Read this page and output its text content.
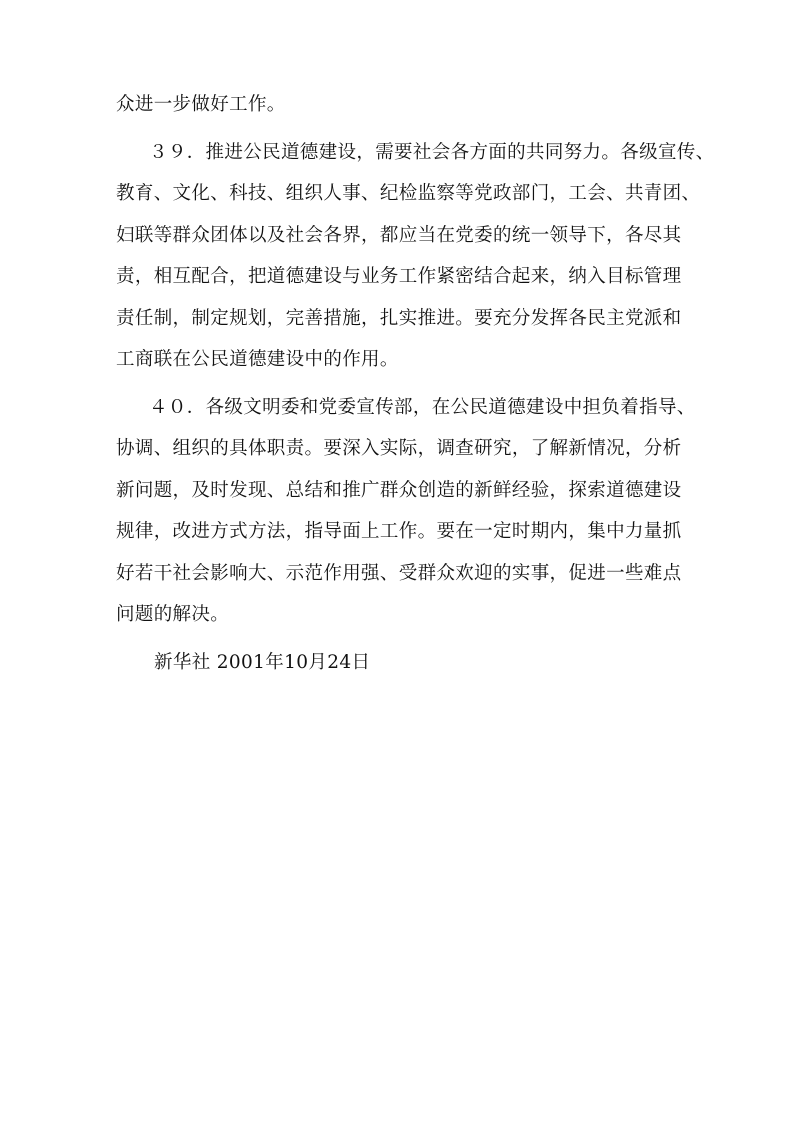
众进一步做好工作。
３９．推进公民道德建设，需要社会各方面的共同努力。各级宣传、
教育、文化、科技、组织人事、纪检监察等党政部门，工会、共青团、
妇联等群众团体以及社会各界，都应当在党委的统一领导下，各尽其
责，相互配合，把道德建设与业务工作紧密结合起来，纳入目标管理
责任制，制定规划，完善措施，扎实推进。要充分发挥各民主党派和
工商联在公民道德建设中的作用。
４０．各级文明委和党委宣传部，在公民道德建设中担负着指导、
协调、组织的具体职责。要深入实际，调查研究，了解新情况，分析
新问题，及时发现、总结和推广群众创造的新鲜经验，探索道德建设
规律，改进方式方法，指导面上工作。要在一定时期内，集中力量抓
好若干社会影响大、示范作用强、受群众欢迎的实事，促进一些难点
问题的解决。
新华社 2001年10月24日
